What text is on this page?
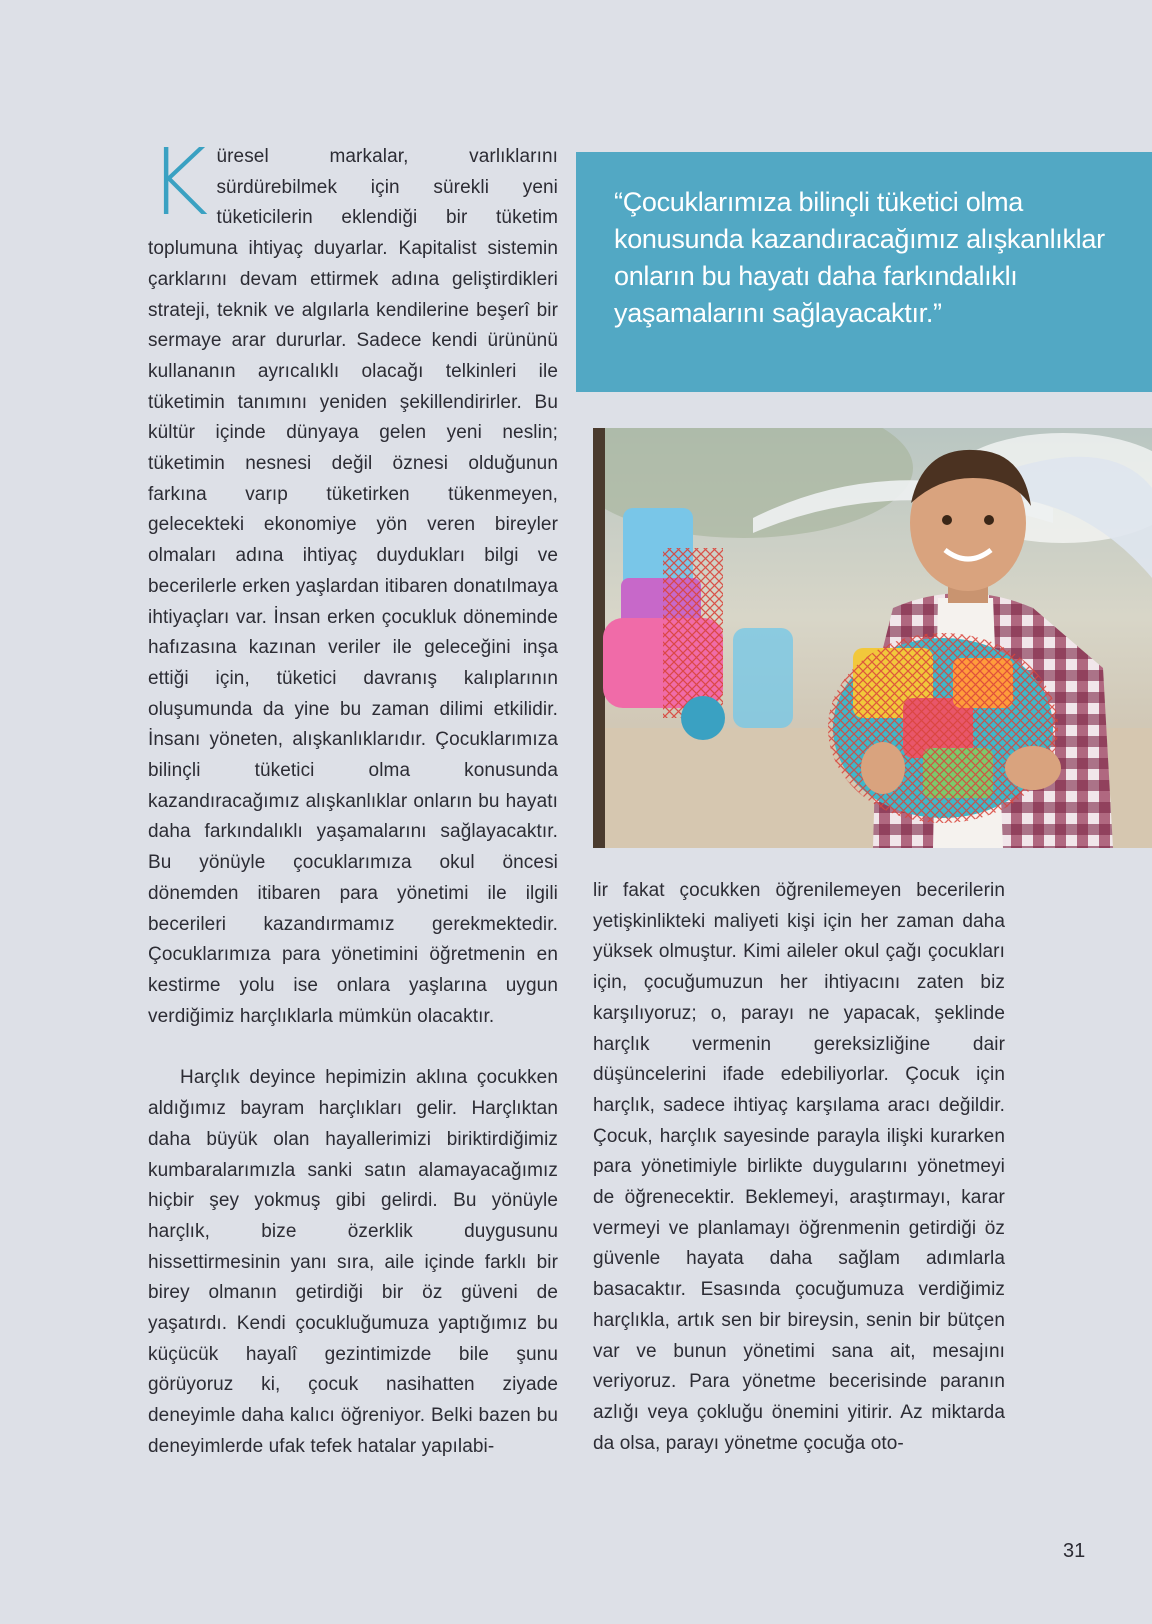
Küresel markalar, varlıklarını sürdürebilmek için sürekli yeni tüketicilerin eklendiği bir tüketim toplumuna ihtiyaç duyarlar. Kapitalist sistemin çarklarını devam ettirmek adına geliştirdikleri strateji, teknik ve algılarla kendilerine beşerî bir sermaye arar dururlar. Sadece kendi ürününü kullananın ayrıcalıklı olacağı telkinleri ile tüketimin tanımını yeniden şekillendirirler. Bu kültür içinde dünyaya gelen yeni neslin; tüketimin nesnesi değil öznesi olduğunun farkına varıp tüketirken tükenmeyen, gelecekteki ekonomiye yön veren bireyler olmaları adına ihtiyaç duydukları bilgi ve becerilerle erken yaşlardan itibaren donatılmaya ihtiyaçları var. İnsan erken çocukluk döneminde hafızasına kazınan veriler ile geleceğini inşa ettiği için, tüketici davranış kalıplarının oluşumunda da yine bu zaman dilimi etkilidir. İnsanı yöneten, alışkanlıklarıdır. Çocuklarımıza bilinçli tüketici olma konusunda kazandıracağımız alışkanlıklar onların bu hayatı daha farkındalıklı yaşamalarını sağlayacaktır. Bu yönüyle çocuklarımıza okul öncesi dönemden itibaren para yönetimi ile ilgili becerileri kazandırmamız gerekmektedir. Çocuklarımıza para yönetimini öğretmenin en kestirme yolu ise onlara yaşlarına uygun verdiğimiz harçlıklarla mümkün olacaktır.

Harçlık deyince hepimizin aklına çocukken aldığımız bayram harçlıkları gelir. Harçlıktan daha büyük olan hayallerimizi biriktirdiğimiz kumbaralarımızla sanki satın alamayacağımız hiçbir şey yokmuş gibi gelirdi. Bu yönüyle harçlık, bize özerklik duygusunu hissettirmesinin yanı sıra, aile içinde farklı bir birey olmanın getirdiği bir öz güveni de yaşatırdı. Kendi çocukluğumuza yaptığımız bu küçücük hayalî gezintimizde bile şunu görüyoruz ki, çocuk nasihatten ziyade deneyimle daha kalıcı öğreniyor. Belki bazen bu deneyimlerde ufak tefek hatalar yapılabi-

“Çocuklarımıza bilinçli tüketici olma konusunda kazandıracağımız alışkanlıklar onların bu hayatı daha farkındalıklı yaşamalarını sağlayacaktır.”

lir fakat çocukken öğrenilemeyen becerilerin yetişkinlikteki maliyeti kişi için her zaman daha yüksek olmuştur. Kimi aileler okul çağı çocukları için, çocuğumuzun her ihtiyacını zaten biz karşılıyoruz; o, parayı ne yapacak, şeklinde harçlık vermenin gereksizliğine dair düşüncelerini ifade edebiliyorlar. Çocuk için harçlık, sadece ihtiyaç karşılama aracı değildir. Çocuk, harçlık sayesinde parayla ilişki kurarken para yönetimiyle birlikte duygularını yönetmeyi de öğrenecektir. Beklemeyi, araştırmayı, karar vermeyi ve planlamayı öğrenmenin getirdiği öz güvenle hayata daha sağlam adımlarla basacaktır. Esasında çocuğumuza verdiğimiz harçlıkla, artık sen bir bireysin, senin bir bütçen var ve bunun yönetimi sana ait, mesajını veriyoruz. Para yönetme becerisinde paranın azlığı veya çokluğu önemini yitirir. Az miktarda da olsa, parayı yönetme çocuğa oto-

31
